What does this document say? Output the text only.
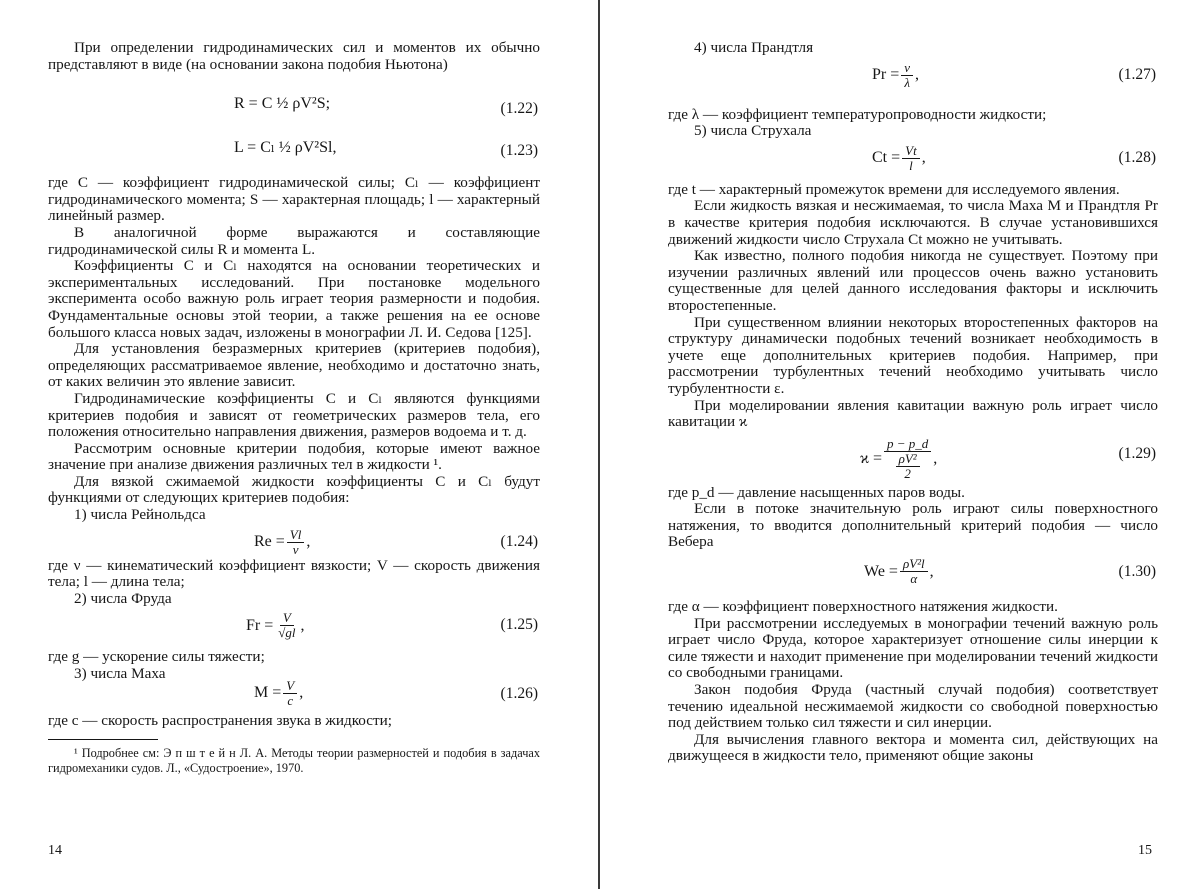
При определении гидродинамических сил и моментов их обычно представляют в виде (на основании закона подобия Ньютона)

R = C ½ ρV²S;	(1.22)
L = Cₗ ½ ρV²Sl,	(1.23)

где C — коэффициент гидродинамической силы; Cₗ — коэффициент гидродинамического момента; S — характерная площадь; l — характерный линейный размер.

В аналогичной форме выражаются и составляющие гидродинамической силы R и момента L.

Коэффициенты C и Cₗ находятся на основании теоретических и экспериментальных исследований. При постановке модельного эксперимента особо важную роль играет теория размерности и подобия. Фундаментальные основы этой теории, а также решения на ее основе большого класса новых задач, изложены в монографии Л. И. Седова [125].

Для установления безразмерных критериев (критериев подобия), определяющих рассматриваемое явление, необходимо и достаточно знать, от каких величин это явление зависит.

Гидродинамические коэффициенты C и Cₗ являются функциями критериев подобия и зависят от геометрических размеров тела, его положения относительно направления движения, размеров водоема и т. д.

Рассмотрим основные критерии подобия, которые имеют важное значение при анализе движения различных тел в жидкости ¹.

Для вязкой сжимаемой жидкости коэффициенты C и Cₗ будут функциями от следующих критериев подобия:

1) числа Рейнольдса

$Re = \frac{Vl}{\nu}$ ,	(1.24)

где ν — кинематический коэффициент вязкости; V — скорость движения тела; l — длина тела;

2) числа Фруда

$Fr = \frac{V}{√gl}$ ,	(1.25)

где g — ускорение силы тяжести;

3) числа Маха

$M = \frac{V}{c}$ ,	(1.26)

где c — скорость распространения звука в жидкости;

¹ Подробнее см: Э п ш т е й н Л. А. Методы теории размерностей и подобия в задачах гидромеханики судов. Л., «Судостроение», 1970.

14

4) числа Прандтля

$Pr = \frac{\nu}{\lambda}$ ,	(1.27)

где λ — коэффициент температуропроводности жидкости;

5) числа Струхала

$Ct = \frac{Vt}{l}$ ,	(1.28)

где t — характерный промежуток времени для исследуемого явления.

Если жидкость вязкая и несжимаемая, то числа Маха М и Прандтля Pr в качестве критерия подобия исключаются. В случае установившихся движений жидкости число Струхала Ct можно не учитывать.

Как известно, полного подобия никогда не существует. Поэтому при изучении различных явлений или процессов очень важно установить существенные для целей данного исследования факторы и исключить второстепенные.

При существенном влиянии некоторых второстепенных факторов на структуру динамически подобных течений возникает необходимость в учете еще дополнительных критериев подобия. Например, при рассмотрении турбулентных течений необходимо учитывать число турбулентности ε.

При моделировании явления кавитации важную роль играет число кавитации ϰ

$ϰ = \frac{p - p\_d}{\frac{\text{ρV²}}{2}}$ ,	(1.29)

где p_d — давление насыщенных паров воды.

Если в потоке значительную роль играют силы поверхностного натяжения, то вводится дополнительный критерий подобия — число Вебера

$We = \frac{\text{ρV²l}}{\alpha}$ ,	(1.30)

где α — коэффициент поверхностного натяжения жидкости.

При рассмотрении исследуемых в монографии течений важную роль играет число Фруда, которое характеризует отношение силы инерции к силе тяжести и находит применение при моделировании течений жидкости со свободными границами.

Закон подобия Фруда (частный случай подобия) соответствует течению идеальной несжимаемой жидкости со свободной поверхностью под действием только сил тяжести и сил инерции.

Для вычисления главного вектора и момента сил, действующих на движущееся в жидкости тело, применяют общие законы

15
